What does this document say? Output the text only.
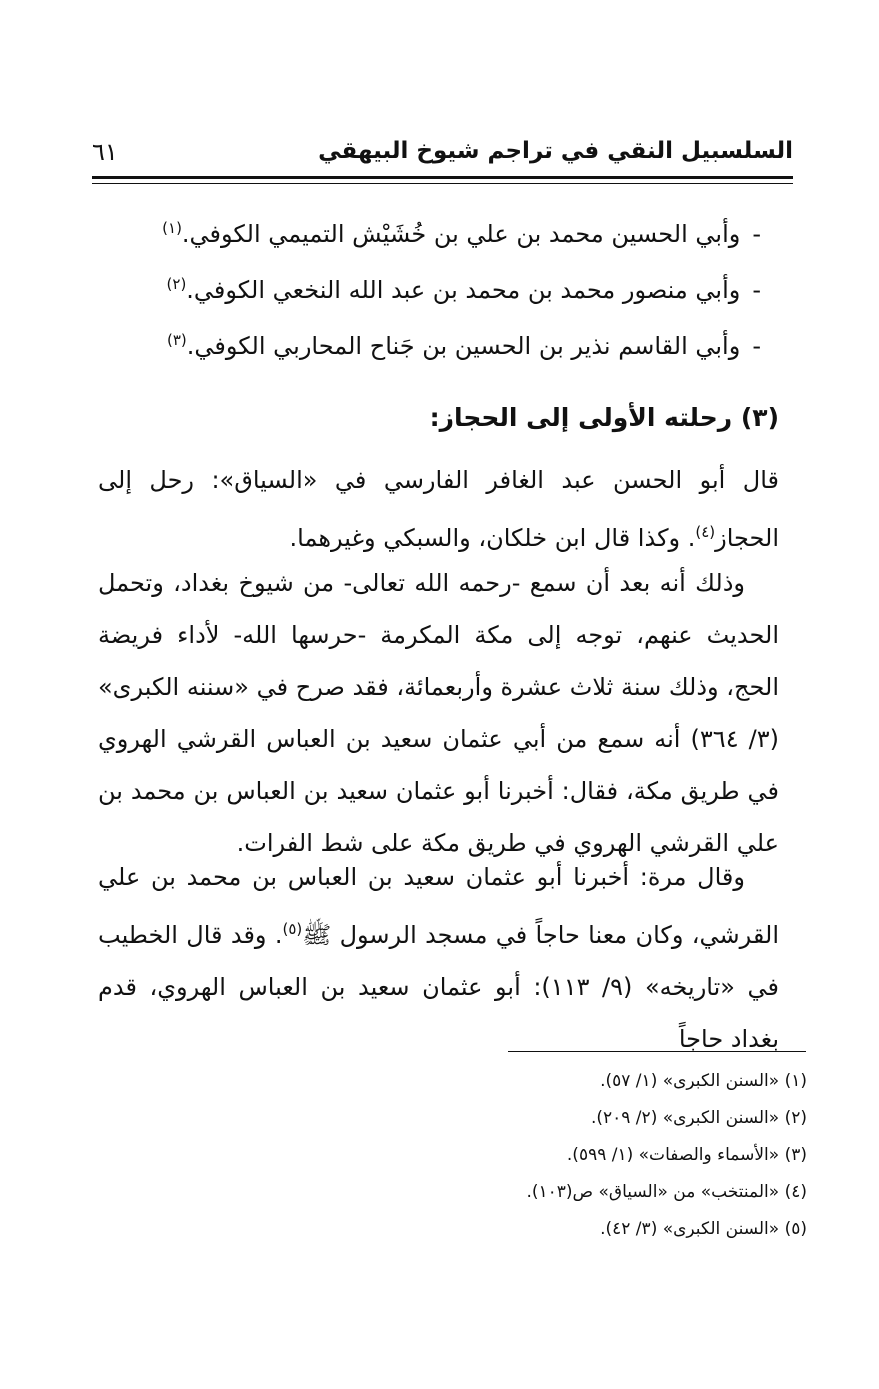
السلسبيل النقي في تراجم شيوخ البيهقي
٦١
-وأبي الحسين محمد بن علي بن خُشَيْش التميمي الكوفي.$^{(١)}$
-وأبي منصور محمد بن محمد بن عبد الله النخعي الكوفي.$^{(٢)}$
-وأبي القاسم نذير بن الحسين بن جَناح المحاربي الكوفي.$^{(٣)}$
(٣) رحلته الأولى إلى الحجاز:

قال أبو الحسن عبد الغافر الفارسي في «السياق»: رحل إلى الحجاز$^{(٤)}$. وكذا قال ابن خلكان، والسبكي وغيرهما.

وذلك أنه بعد أن سمع -رحمه الله تعالى- من شيوخ بغداد، وتحمل الحديث عنهم، توجه إلى مكة المكرمة -حرسها الله- لأداء فريضة الحج، وذلك سنة ثلاث عشرة وأربعمائة، فقد صرح في «سننه الكبرى» (٣/ ٣٦٤) أنه سمع من أبي عثمان سعيد بن العباس القرشي الهروي في طريق مكة، فقال: أخبرنا أبو عثمان سعيد بن العباس بن محمد بن علي القرشي الهروي في طريق مكة على شط الفرات.

وقال مرة: أخبرنا أبو عثمان سعيد بن العباس بن محمد بن علي القرشي، وكان معنا حاجاً في مسجد الرسول ﷺ$^{(٥)}$. وقد قال الخطيب في «تاريخه» (٩/ ١١٣): أبو عثمان سعيد بن العباس الهروي، قدم بغداد حاجاً

(١) «السنن الكبرى» (١/ ٥٧).
(٢) «السنن الكبرى» (٢/ ٢٠٩).
(٣) «الأسماء والصفات» (١/ ٥٩٩).
(٤) «المنتخب» من «السياق» ص(١٠٣).
(٥) «السنن الكبرى» (٣/ ٤٢).
